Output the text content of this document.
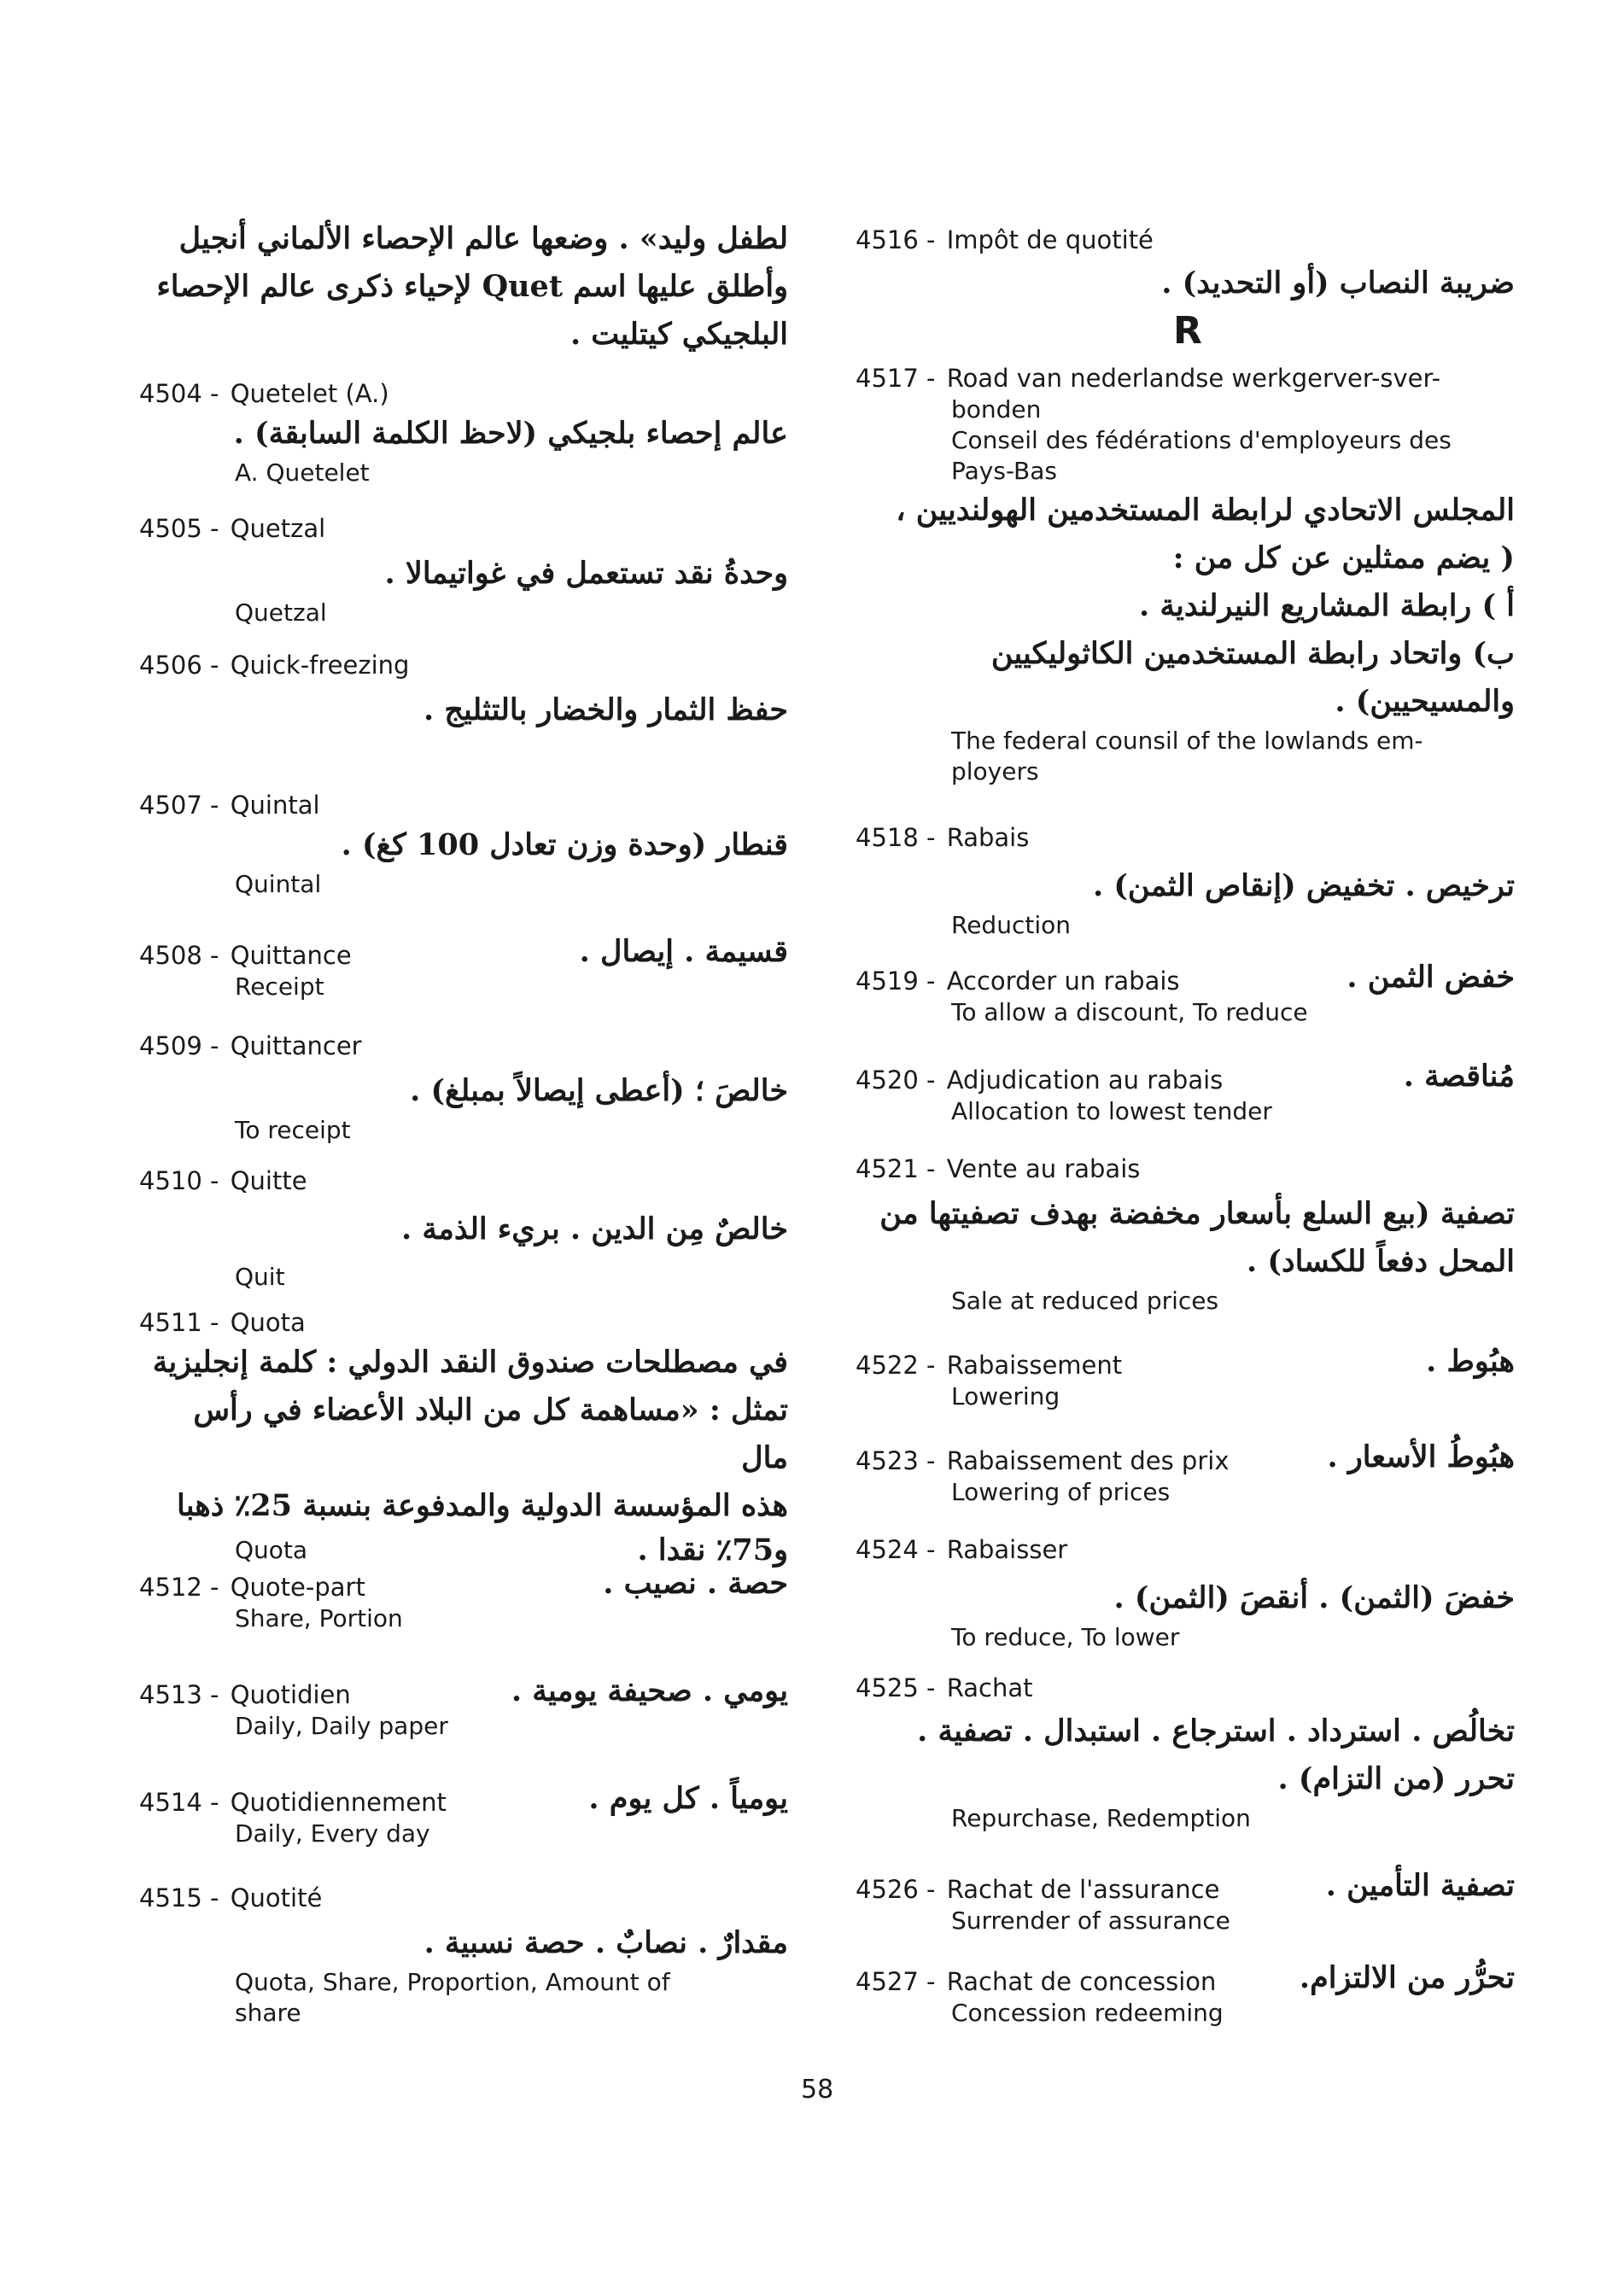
لطفل وليد» . وضعها عالم الإحصاء الألماني أنجيل
وأطلق عليها اسم Quet لإحياء ذكرى عالم الإحصاء
البلجيكي كيتليت .
4504 - Quetelet (A.)
عالم إحصاء بلجيكي (لاحظ الكلمة السابقة) .
A. Quetelet
4505 - Quetzal
وحدةُ نقد تستعمل في غواتيمالا .
Quetzal
4506 - Quick-freezing
حفظ الثمار والخضار بالتثليج .
4507 - Quintal
قنطار (وحدة وزن تعادل 100 كغ) .
Quintal
4508 - Quittance	قسيمة . إيصال .
Receipt
4509 - Quittancer
خالصَ ؛ (أعطى إيصالاً بمبلغ) .
To receipt
4510 - Quitte
خالصٌ مِن الدين . بريء الذمة .
Quit
4511 - Quota
في مصطلحات صندوق النقد الدولي : كلمة إنجليزية
تمثل : «مساهمة كل من البلاد الأعضاء في رأس مال
هذه المؤسسة الدولية والمدفوعة بنسبة 25٪ ذهبا
Quota	و75٪ نقدا .
4512 - Quote-part	حصة . نصيب .
Share, Portion
4513 - Quotidien	يومي . صحيفة يومية .
Daily, Daily paper
4514 - Quotidiennement	يومياً . كل يوم .
Daily, Every day
4515 - Quotité
مقدارٌ . نصابٌ . حصة نسبية .
Quota, Share, Proportion, Amount of
share
4516 - Impôt de quotité
ضريبة النصاب (أو التحديد) .
R
4517 - Road van nederlandse werkgerver-sver-
bonden
Conseil des fédérations d'employeurs des
Pays-Bas
المجلس الاتحادي لرابطة المستخدمين الهولنديين ،
( يضم ممثلين عن كل من :
أ ) رابطة المشاريع النيرلندية .
ب) واتحاد رابطة المستخدمين الكاثوليكيين
والمسيحيين) .
The federal counsil of the lowlands em-
ployers
4518 - Rabais
ترخيص . تخفيض (إنقاص الثمن) .
Reduction
4519 - Accorder un rabais	خفض الثمن .
To allow a discount, To reduce
4520 - Adjudication au rabais	مُناقصة .
Allocation to lowest tender
4521 - Vente au rabais
تصفية (بيع السلع بأسعار مخفضة بهدف تصفيتها من
المحل دفعاً للكساد) .
Sale at reduced prices
4522 - Rabaissement	هبُوط .
Lowering
4523 - Rabaissement des prix	هبُوطُ الأسعار .
Lowering of prices
4524 - Rabaisser
خفضَ (الثمن) . أنقصَ (الثمن) .
To reduce, To lower
4525 - Rachat
تخالُص . استرداد . استرجاع . استبدال . تصفية .
تحرر (من التزام) .
Repurchase, Redemption
4526 - Rachat de l'assurance	تصفية التأمين .
Surrender of assurance
4527 - Rachat de concession	تحرُّر من الالتزام.
Concession redeeming
58
